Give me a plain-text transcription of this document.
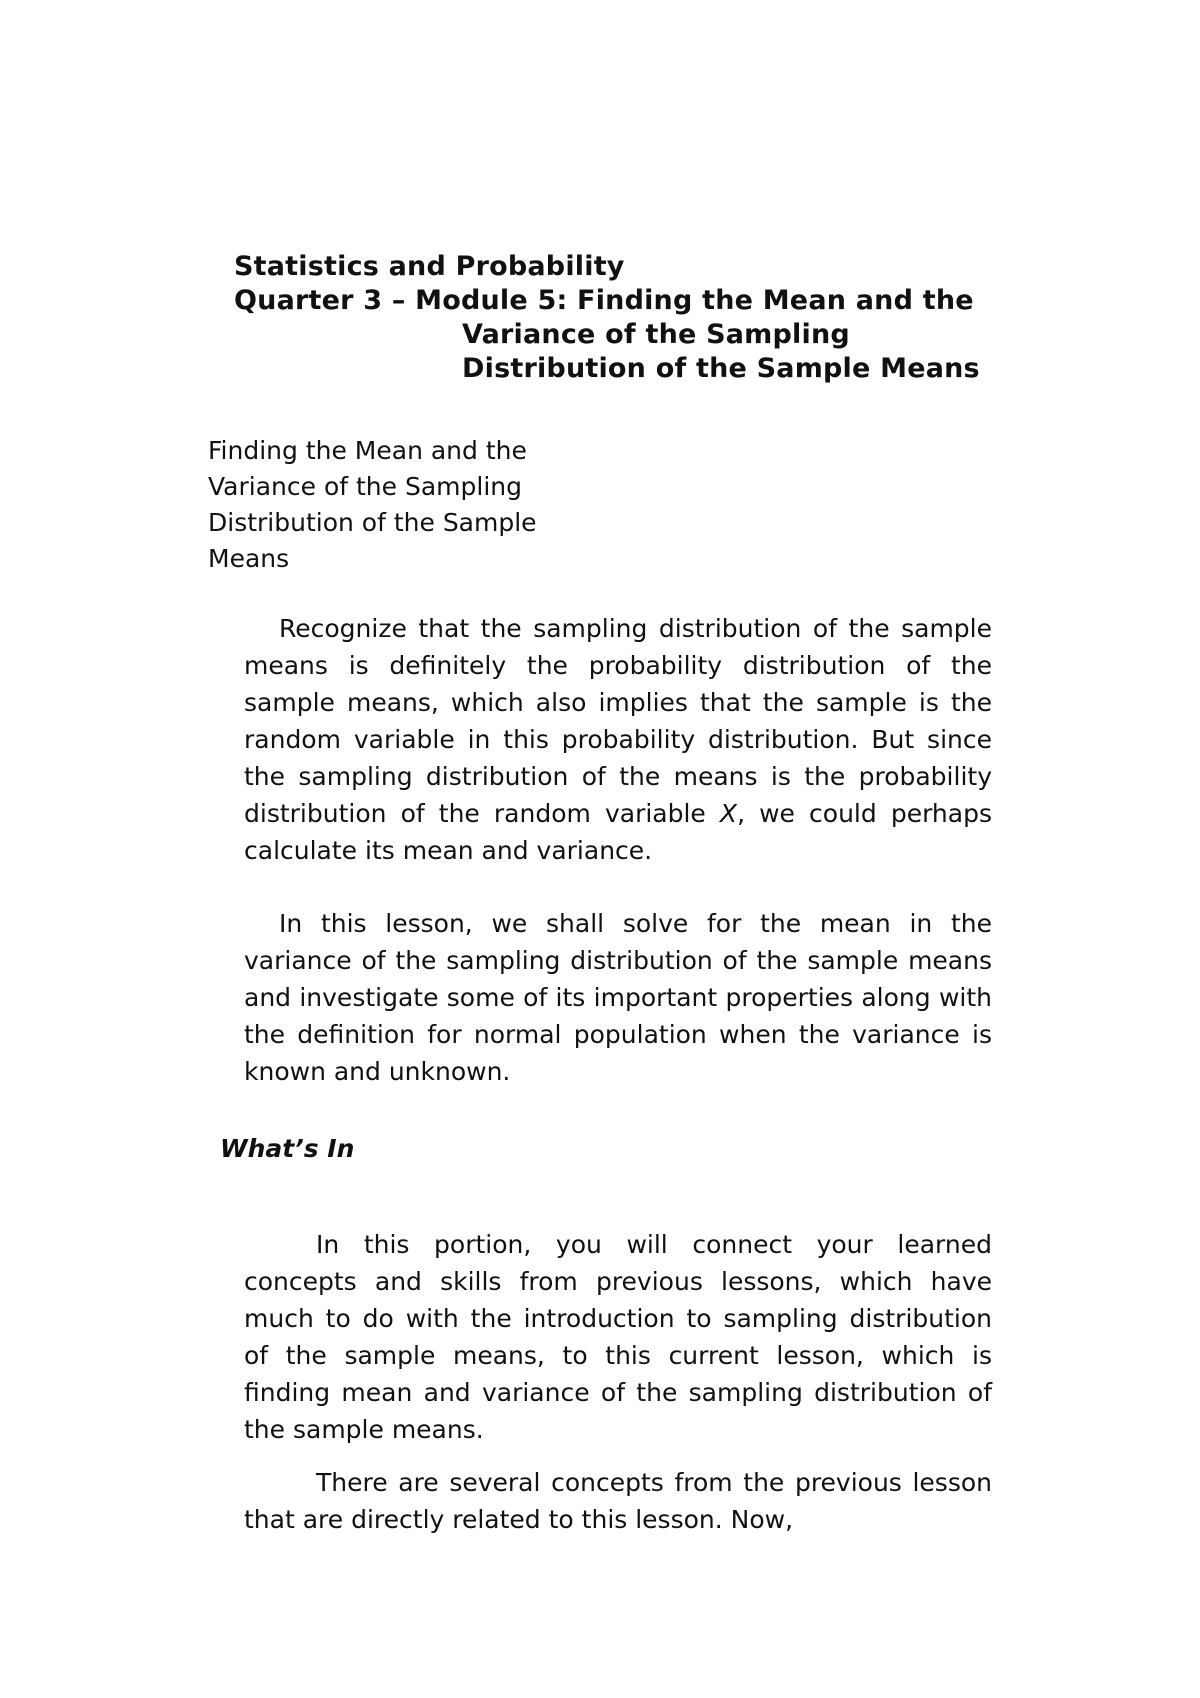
Statistics and Probability
Quarter 3 – Module 5: Finding the Mean and the
Variance of the Sampling
Distribution of the Sample Means
Finding the Mean and the
Variance of the Sampling
Distribution of the Sample
Means

Recognize that the sampling distribution of the sample means is definitely the probability distribution of the sample means, which also implies that the sample is the random variable in this probability distribution. But since the sampling distribution of the means is the probability distribution of the random variable X, we could perhaps calculate its mean and variance.

In this lesson, we shall solve for the mean in the variance of the sampling distribution of the sample means and investigate some of its important properties along with the definition for normal population when the variance is known and unknown.

What’s In

In this portion, you will connect your learned concepts and skills from previous lessons, which have much to do with the introduction to sampling distribution of the sample means, to this current lesson, which is finding mean and variance of the sampling distribution of the sample means.

There are several concepts from the previous lesson that are directly related to this lesson. Now,
